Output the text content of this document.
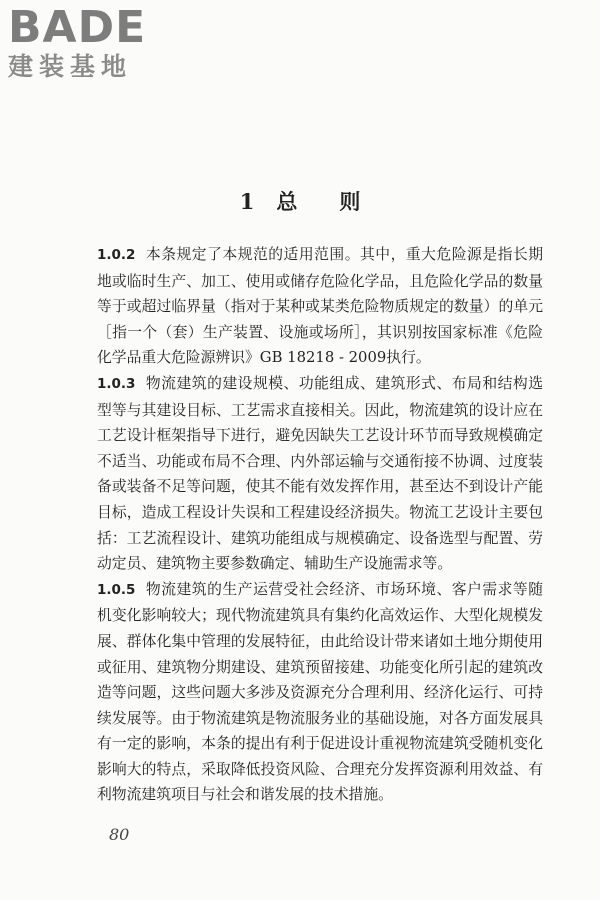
BADE
建装基地
1 总 则

1.0.2 本条规定了本规范的适用范围。其中，重大危险源是指长期地或临时生产、加工、使用或储存危险化学品，且危险化学品的数量等于或超过临界量（指对于某种或某类危险物质规定的数量）的单元［指一个（套）生产装置、设施或场所］，其识别按国家标准《危险化学品重大危险源辨识》GB 18218 - 2009执行。

1.0.3 物流建筑的建设规模、功能组成、建筑形式、布局和结构选型等与其建设目标、工艺需求直接相关。因此，物流建筑的设计应在工艺设计框架指导下进行，避免因缺失工艺设计环节而导致规模确定不适当、功能或布局不合理、内外部运输与交通衔接不协调、过度装备或装备不足等问题，使其不能有效发挥作用，甚至达不到设计产能目标，造成工程设计失误和工程建设经济损失。物流工艺设计主要包括：工艺流程设计、建筑功能组成与规模确定、设备选型与配置、劳动定员、建筑物主要参数确定、辅助生产设施需求等。

1.0.5 物流建筑的生产运营受社会经济、市场环境、客户需求等随机变化影响较大；现代物流建筑具有集约化高效运作、大型化规模发展、群体化集中管理的发展特征，由此给设计带来诸如土地分期使用或征用、建筑物分期建设、建筑预留接建、功能变化所引起的建筑改造等问题，这些问题大多涉及资源充分合理利用、经济化运行、可持续发展等。由于物流建筑是物流服务业的基础设施，对各方面发展具有一定的影响，本条的提出有利于促进设计重视物流建筑受随机变化影响大的特点，采取降低投资风险、合理充分发挥资源利用效益、有利物流建筑项目与社会和谐发展的技术措施。

80
